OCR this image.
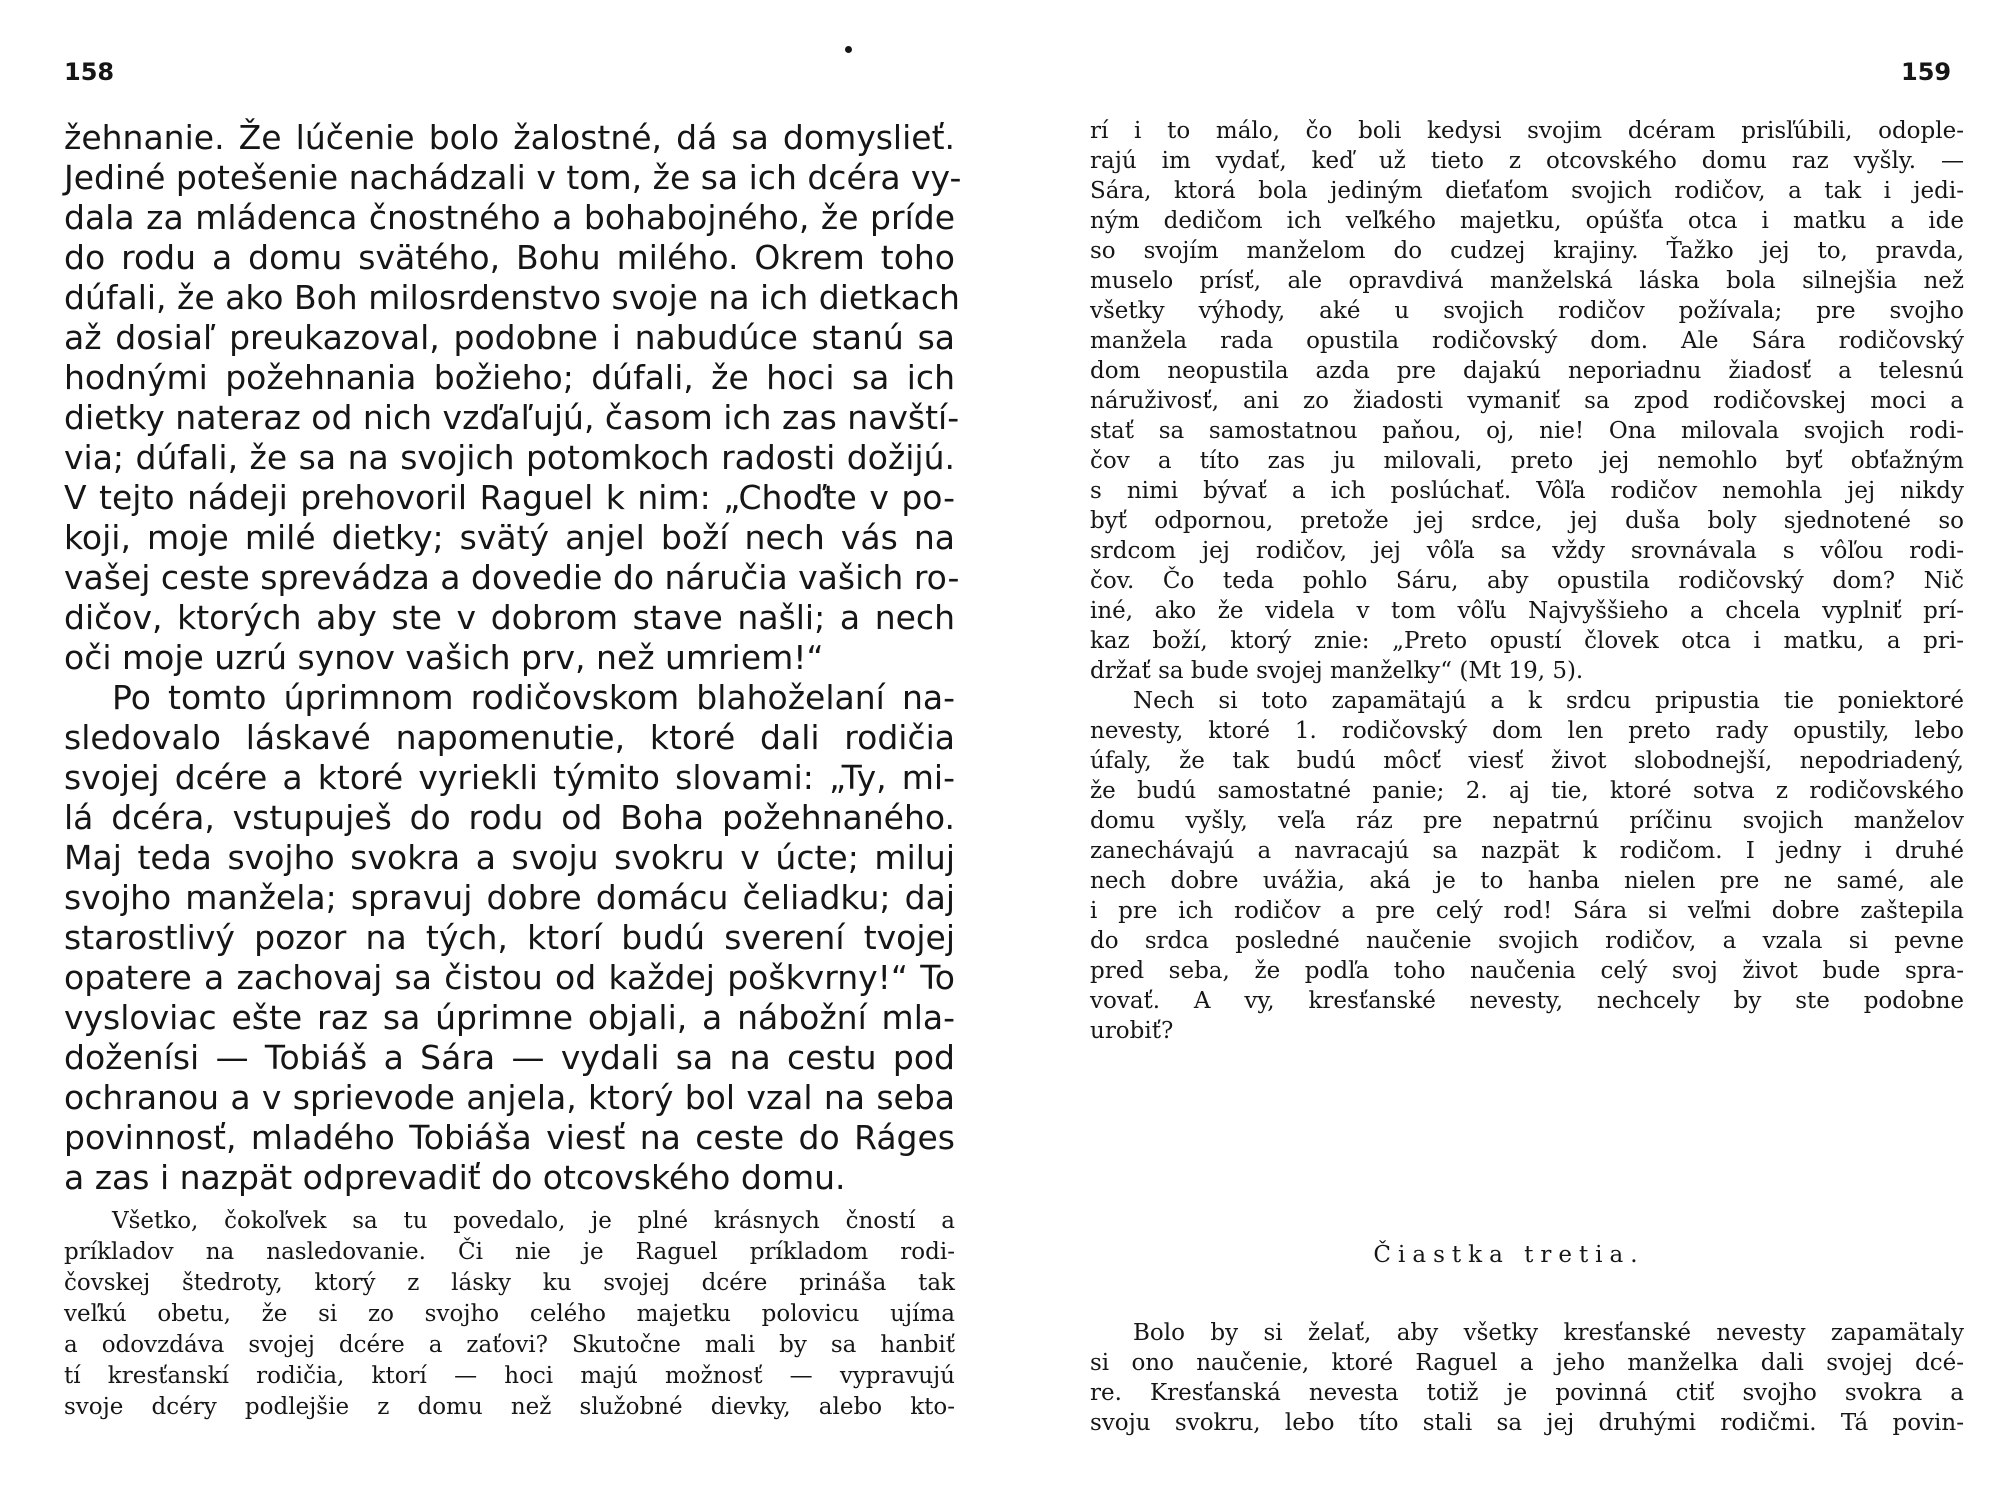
158
žehnanie. Že lúčenie bolo žalostné, dá sa domyslieť.
Jediné potešenie nachádzali v tom, že sa ich dcéra vy-
dala za mládenca čnostného a bohabojného, že príde
do rodu a domu svätého, Bohu milého. Okrem toho
dúfali, že ako Boh milosrdenstvo svoje na ich dietkach
až dosiaľ preukazoval, podobne i nabudúce stanú sa
hodnými požehnania božieho; dúfali, že hoci sa ich
dietky nateraz od nich vzďaľujú, časom ich zas navští-
via; dúfali, že sa na svojich potomkoch radosti dožijú.
V tejto nádeji prehovoril Raguel k nim: „Choďte v po-
koji, moje milé dietky; svätý anjel boží nech vás na
vašej ceste sprevádza a dovedie do náručia vašich ro-
dičov, ktorých aby ste v dobrom stave našli; a nech
oči moje uzrú synov vašich prv, než umriem!“
Po tomto úprimnom rodičovskom blahoželaní na-
sledovalo láskavé napomenutie, ktoré dali rodičia
svojej dcére a ktoré vyriekli týmito slovami: „Ty, mi-
lá dcéra, vstupuješ do rodu od Boha požehnaného.
Maj teda svojho svokra a svoju svokru v úcte; miluj
svojho manžela; spravuj dobre domácu čeliadku; daj
starostlivý pozor na tých, ktorí budú sverení tvojej
opatere a zachovaj sa čistou od každej poškvrny!“ To
vysloviac ešte raz sa úprimne objali, a nábožní mla-
doženísi — Tobiáš a Sára — vydali sa na cestu pod
ochranou a v sprievode anjela, ktorý bol vzal na seba
povinnosť, mladého Tobiáša viesť na ceste do Ráges
a zas i nazpät odprevadiť do otcovského domu.
Všetko, čokoľvek sa tu povedalo, je plné krásnych čností a
príkladov na nasledovanie. Či nie je Raguel príkladom rodi-
čovskej štedroty, ktorý z lásky ku svojej dcére prináša tak
veľkú obetu, že si zo svojho celého majetku polovicu ujíma
a odovzdáva svojej dcére a zaťovi? Skutočne mali by sa hanbiť
tí kresťanskí rodičia, ktorí — hoci majú možnosť — vypravujú
svoje dcéry podlejšie z domu než služobné dievky, alebo kto-
159
rí i to málo, čo boli kedysi svojim dcéram prisľúbili, odople-
rajú im vydať, keď už tieto z otcovského domu raz vyšly. —
Sára, ktorá bola jediným dieťaťom svojich rodičov, a tak i jedi-
ným dedičom ich veľkého majetku, opúšťa otca i matku a ide
so svojím manželom do cudzej krajiny. Ťažko jej to, pravda,
muselo prísť, ale opravdivá manželská láska bola silnejšia než
všetky výhody, aké u svojich rodičov požívala; pre svojho
manžela rada opustila rodičovský dom. Ale Sára rodičovský
dom neopustila azda pre dajakú neporiadnu žiadosť a telesnú
náruživosť, ani zo žiadosti vymaniť sa zpod rodičovskej moci a
stať sa samostatnou paňou, oj, nie! Ona milovala svojich rodi-
čov a títo zas ju milovali, preto jej nemohlo byť obťažným
s nimi bývať a ich poslúchať. Vôľa rodičov nemohla jej nikdy
byť odpornou, pretože jej srdce, jej duša boly sjednotené so
srdcom jej rodičov, jej vôľa sa vždy srovnávala s vôľou rodi-
čov. Čo teda pohlo Sáru, aby opustila rodičovský dom? Nič
iné, ako že videla v tom vôľu Najvyššieho a chcela vyplniť prí-
kaz boží, ktorý znie: „Preto opustí človek otca i matku, a pri-
držať sa bude svojej manželky“ (Mt 19, 5).
Nech si toto zapamätajú a k srdcu pripustia tie poniektoré
nevesty, ktoré 1. rodičovský dom len preto rady opustily, lebo
úfaly, že tak budú môcť viesť život slobodnejší, nepodriadený,
že budú samostatné panie; 2. aj tie, ktoré sotva z rodičovského
domu vyšly, veľa ráz pre nepatrnú príčinu svojich manželov
zanechávajú a navracajú sa nazpät k rodičom. I jedny i druhé
nech dobre uvážia, aká je to hanba nielen pre ne samé, ale
i pre ich rodičov a pre celý rod! Sára si veľmi dobre zaštepila
do srdca posledné naučenie svojich rodičov, a vzala si pevne
pred seba, že podľa toho naučenia celý svoj život bude spra-
vovať. A vy, kresťanské nevesty, nechcely by ste podobne
urobiť?
Čiastka tretia.
Bolo by si želať, aby všetky kresťanské nevesty zapamätaly
si ono naučenie, ktoré Raguel a jeho manželka dali svojej dcé-
re. Kresťanská nevesta totiž je povinná ctiť svojho svokra a
svoju svokru, lebo títo stali sa jej druhými rodičmi. Tá povin-
